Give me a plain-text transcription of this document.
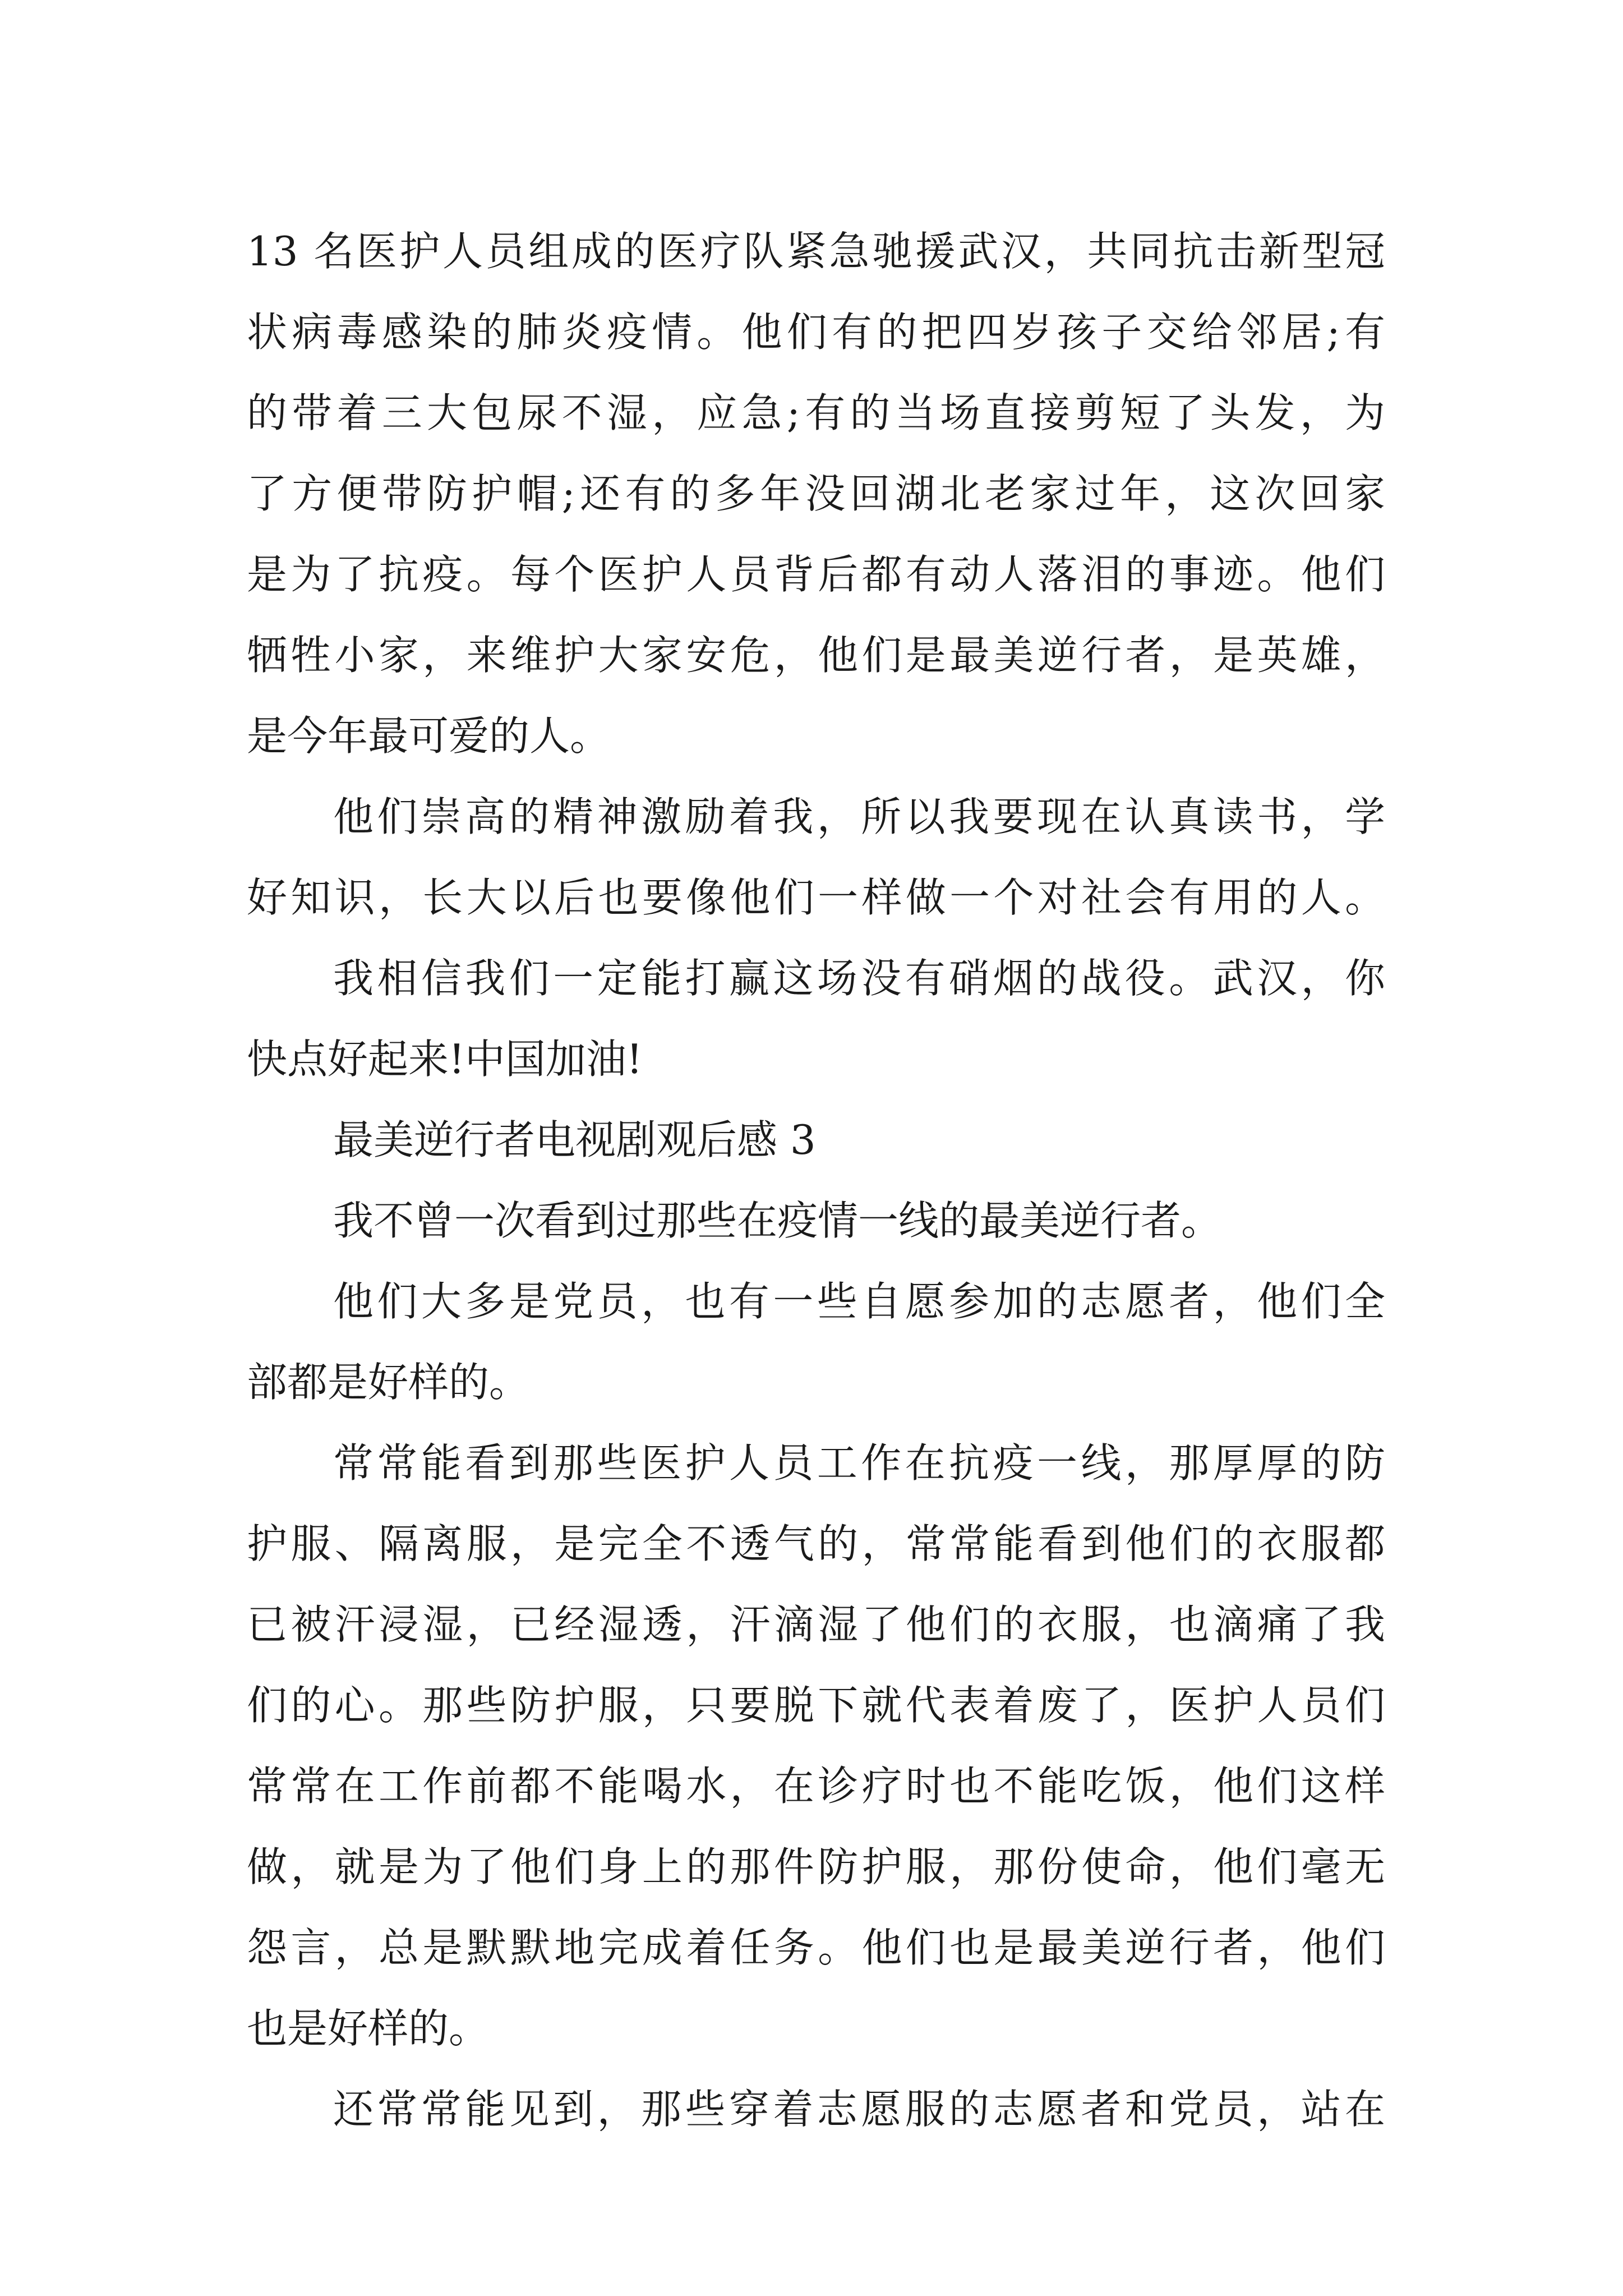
13 名医护人员组成的医疗队紧急驰援武汉，共同抗击新型冠
状病毒感染的肺炎疫情。他们有的把四岁孩子交给邻居;有
的带着三大包尿不湿，应急;有的当场直接剪短了头发，为
了方便带防护帽;还有的多年没回湖北老家过年，这次回家
是为了抗疫。每个医护人员背后都有动人落泪的事迹。他们
牺牲小家，来维护大家安危，他们是最美逆行者，是英雄，
是今年最可爱的人。
他们崇高的精神激励着我，所以我要现在认真读书，学
好知识，长大以后也要像他们一样做一个对社会有用的人。
我相信我们一定能打赢这场没有硝烟的战役。武汉，你
快点好起来!中国加油!
最美逆行者电视剧观后感 3
我不曾一次看到过那些在疫情一线的最美逆行者。
他们大多是党员，也有一些自愿参加的志愿者，他们全
部都是好样的。
常常能看到那些医护人员工作在抗疫一线，那厚厚的防
护服、隔离服，是完全不透气的，常常能看到他们的衣服都
已被汗浸湿，已经湿透，汗滴湿了他们的衣服，也滴痛了我
们的心。那些防护服，只要脱下就代表着废了，医护人员们
常常在工作前都不能喝水，在诊疗时也不能吃饭，他们这样
做，就是为了他们身上的那件防护服，那份使命，他们毫无
怨言，总是默默地完成着任务。他们也是最美逆行者，他们
也是好样的。
还常常能见到，那些穿着志愿服的志愿者和党员，站在
